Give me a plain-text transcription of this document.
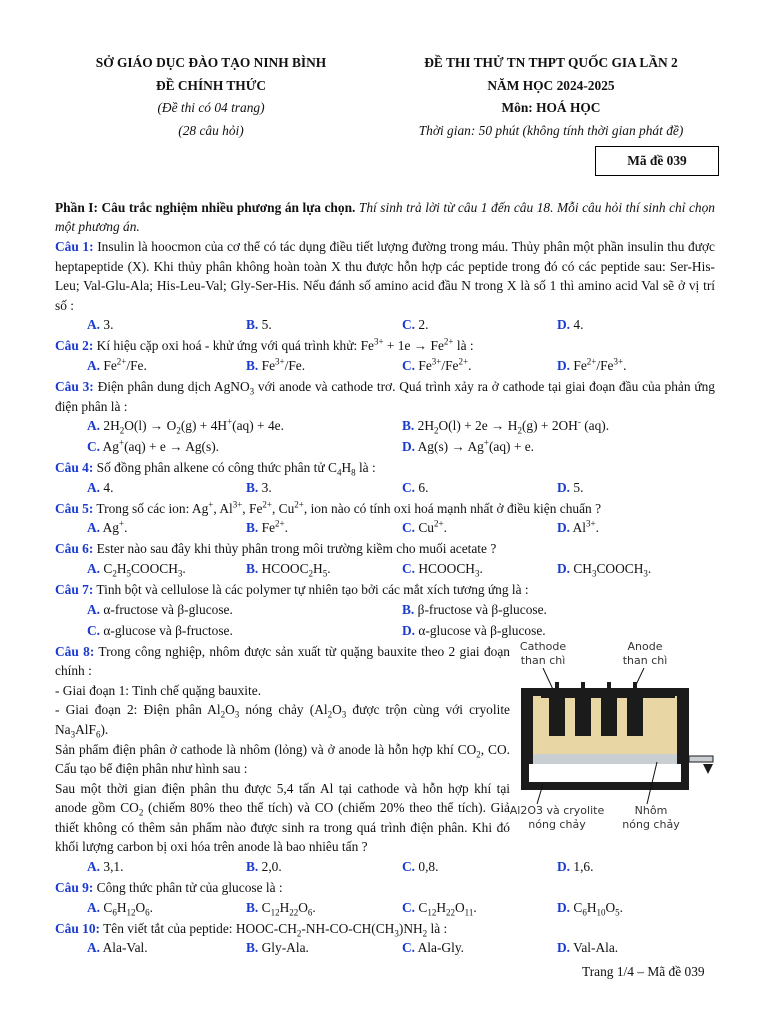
SỞ GIÁO DỤC ĐÀO TẠO NINH BÌNH
ĐỀ CHÍNH THỨC
(Đề thi có 04 trang)
(28 câu hỏi)
ĐỀ THI THỬ TN THPT QUỐC GIA LẦN 2
NĂM HỌC 2024-2025
Môn: HOÁ HỌC
Thời gian: 50 phút (không tính thời gian phát đề)
Mã đề 039

Phần I: Câu trắc nghiệm nhiều phương án lựa chọn. Thí sinh trả lời từ câu 1 đến câu 18. Mỗi câu hỏi thí sinh chỉ chọn một phương án.

Câu 1: Insulin là hoocmon của cơ thể có tác dụng điều tiết lượng đường trong máu. Thủy phân một phần insulin thu được heptapeptide (X). Khi thủy phân không hoàn toàn X thu được hỗn hợp các peptide trong đó có các peptide sau: Ser-His-Leu; Val-Glu-Ala; His-Leu-Val; Gly-Ser-His. Nếu đánh số amino acid đầu N trong X là số 1 thì amino acid Val sẽ ở vị trí số :

A. 3.	B. 5.	C. 2.	D. 4.

Câu 2: Kí hiệu cặp oxi hoá - khử ứng với quá trình khử: $Fe^{3+} + 1e \to Fe^{2+}$ là :

A. $Fe^{2+}/Fe$.	B. $Fe^{3+}/Fe$.	C. $Fe^{3+}/Fe^{2+}$.	D. $Fe^{2+}/Fe^{3+}$.

Câu 3: Điện phân dung dịch AgNO$_3$ với anode và cathode trơ. Quá trình xảy ra ở cathode tại giai đoạn đầu của phản ứng điện phân là :

A. $2H_2O(l) \to O_2(g) + 4H^+(aq) + 4e$.	B. $2H_2O(l) + 2e \to H_2(g) + 2OH^-$ (aq).
C. Ag+(aq) + e → Ag(s).	D. Ag(s) → Ag+(aq) + e.

Câu 4: Số đồng phân alkene có công thức phân tử $C_4H_8$ là :

A. 4.	B. 3.	C. 6.	D. 5.

Câu 5: Trong số các ion: Ag+, $Al^{3+}$, $Fe^{2+}$, $Cu^{2+}$, ion nào có tính oxi hoá mạnh nhất ở điều kiện chuẩn ?

A. Ag+.	B. $Fe^{2+}$.	C. $Cu^{2+}$.	D. $Al^{3+}$.

Câu 6: Ester nào sau đây khi thủy phân trong môi trường kiềm cho muối acetate ?

A. $C_2H_5COOCH_3$.	B. $HCOOC_2H_5$.	C. $HCOOCH_3$.	D. $CH_3COOCH_3$.

Câu 7: Tinh bột và cellulose là các polymer tự nhiên tạo bởi các mắt xích tương ứng là :

A. α-fructose và β-glucose.	B. β-fructose và β-glucose.
C. α-glucose và β-fructose.	D. α-glucose và β-glucose.

Câu 8: Trong công nghiệp, nhôm được sản xuất từ quặng bauxite theo 2 giai đoạn chính :

- Giai đoạn 1: Tinh chế quặng bauxite.

- Giai đoạn 2: Điện phân $Al_2O_3$ nóng chảy ($Al_2O_3$ được trộn cùng với cryolite $Na_3AlF_6$).

Sản phẩm điện phân ở cathode là nhôm (lỏng) và ở anode là hỗn hợp khí $CO_2$, CO. Cấu tạo bể điện phân như hình sau :

Sau một thời gian điện phân thu được 5,4 tấn Al tại cathode và hỗn hợp khí tại anode gồm $CO_2$ (chiếm 80% theo thể tích) và CO (chiếm 20% theo thể tích). Giả thiết không có thêm sản phẩm nào được sinh ra trong quá trình điện phân. Khi đó khối lượng carbon bị oxi hóa trên anode là bao nhiêu tấn ?

A. 3,1.	B. 2,0.	C. 0,8.	D. 1,6.

Câu 9: Công thức phân tử của glucose là :

A. $C_6H_{12}O_6$.	B. $C_{12}H_{22}O_6$.	C. $C_{12}H_{22}O_{11}$.	D. $C_6H_{10}O_5$.

Câu 10: Tên viết tắt của peptide: HOOC-$CH_2-NH-CO-CH(CH_3)NH_2$ là :

A. Ala-Val.	B. Gly-Ala.	C. Ala-Gly.	D. Val-Ala.
Cathode
than chì
Anode
than chì
Al2O3 và cryolite
nóng chảy
Nhôm
nóng chảy
Trang 1/4 – Mã đề 039
